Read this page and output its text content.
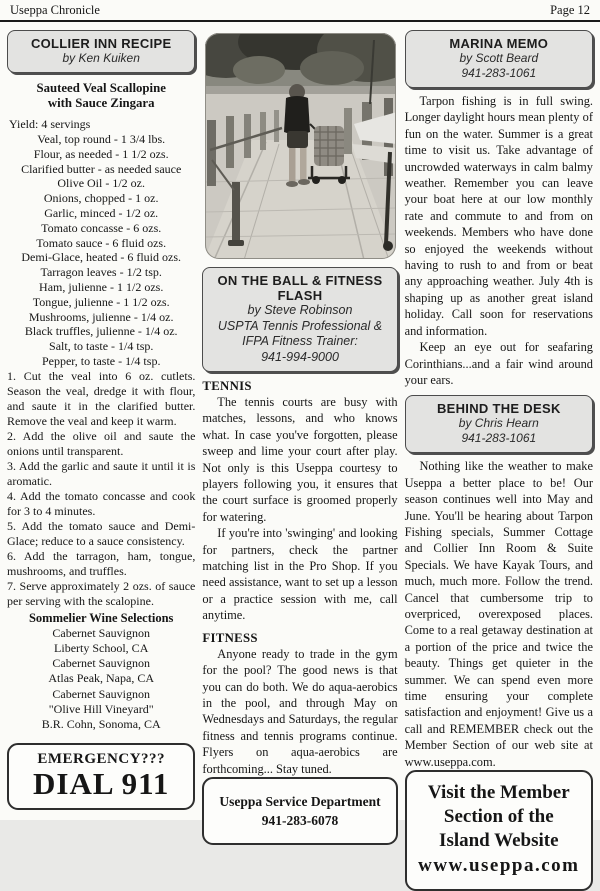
Useppa Chronicle	Page 12
COLLIER INN RECIPE
by Ken Kuiken
Sauteed Veal Scallopine
with Sauce Zingara
Yield: 4 servings
Veal, top round - 1 3/4 lbs.
Flour, as needed - 1 1/2 ozs.
Clarified butter - as needed sauce
Olive Oil - 1/2 oz.
Onions, chopped - 1 oz.
Garlic, minced - 1/2 oz.
Tomato concasse - 6 ozs.
Tomato sauce - 6 fluid ozs.
Demi-Glace, heated - 6 fluid ozs.
Tarragon leaves - 1/2 tsp.
Ham, julienne - 1 1/2 ozs.
Tongue, julienne - 1 1/2 ozs.
Mushrooms, julienne - 1/4 oz.
Black truffles, julienne - 1/4 oz.
Salt, to taste - 1/4 tsp.
Pepper, to taste - 1/4 tsp.

1. Cut the veal into 6 oz. cutlets. Season the veal, dredge it with flour, and saute it in the clarified butter. Remove the veal and keep it warm.

2. Add the olive oil and saute the onions until transparent.

3. Add the garlic and saute it until it is aromatic.

4. Add the tomato concasse and cook for 3 to 4 minutes.

5. Add the tomato sauce and Demi-Glace; reduce to a sauce consistency.

6. Add the tarragon, ham, tongue, mushrooms, and truffles.

7. Serve approximately 2 ozs. of sauce per serving with the scalopine.

Sommelier Wine Selections
Cabernet Sauvignon
Liberty School, CA
Cabernet Sauvignon
Atlas Peak, Napa, CA
Cabernet Sauvignon
"Olive Hill Vineyard"
B.R. Cohn, Sonoma, CA
EMERGENCY???
DIAL 911
ON THE BALL & FITNESS
FLASH
by Steve Robinson
USPTA Tennis Professional &
IFPA Fitness Trainer:
941-994-9000
TENNIS

The tennis courts are busy with matches, lessons, and who knows what. In case you've forgotten, please sweep and lime your court after play. Not only is this Useppa courtesy to players following you, it ensures that the court surface is groomed properly for watering.

If you're into 'swinging' and looking for partners, check the partner matching list in the Pro Shop. If you need assistance, want to set up a lesson or a practice session with me, call anytime.

FITNESS

Anyone ready to trade in the gym for the pool? The good news is that you can do both. We do aqua-aerobics in the pool, and through May on Wednesdays and Saturdays, the regular fitness and tennis programs continue. Flyers on aqua-aerobics are forthcoming... Stay tuned.

Useppa Service Department
941-283-6078
MARINA MEMO
by Scott Beard
941-283-1061

Tarpon fishing is in full swing. Longer daylight hours mean plenty of fun on the water. Summer is a great time to visit us. Take advantage of uncrowded waterways in calm balmy weather. Remember you can leave your boat here at our low monthly rate and commute to and from on weekends. Members who have done so enjoyed the weekends without having to rush to and from or beat any approaching weather. July 4th is shaping up as another great island holiday. Call soon for reservations and information.

Keep an eye out for seafaring Corinthians...and a fair wind around your ears.

BEHIND THE DESK
by Chris Hearn
941-283-1061

Nothing like the weather to make Useppa a better place to be! Our season continues well into May and June. You'll be hearing about Tarpon Fishing specials, Summer Cottage and Collier Inn Room & Suite Specials. We have Kayak Tours, and much, much more. Follow the trend. Cancel that cumbersome trip to overpriced, overexposed places. Come to a real getaway destination at a portion of the price and twice the beauty. Things get quieter in the summer. We can spend even more time ensuring your complete satisfaction and enjoyment! Give us a call and REMEMBER check out the Member Section of our web site at www.useppa.com.

Visit the Member
Section of the
Island Website
www.useppa.com
